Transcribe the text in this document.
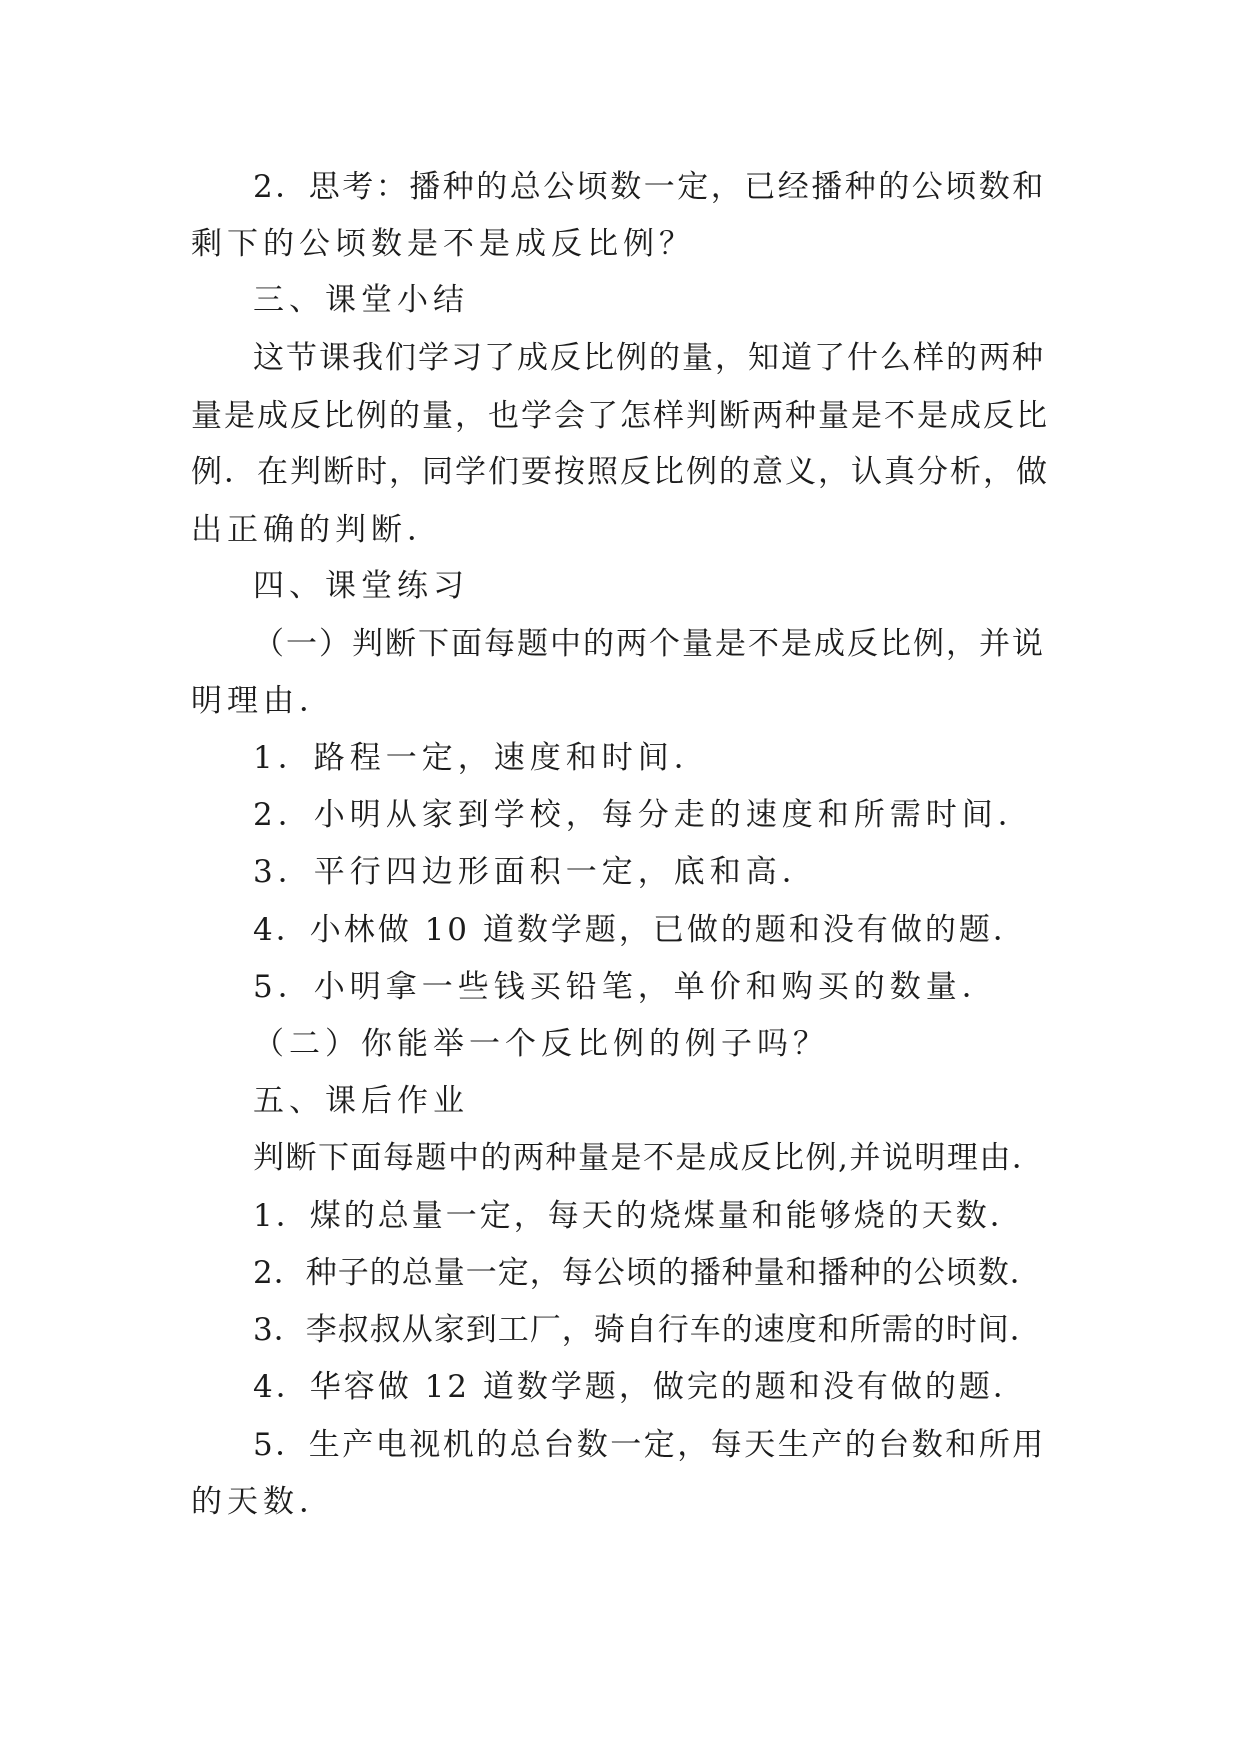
2．思考：播种的总公顷数一定，已经播种的公顷数和
剩下的公顷数是不是成反比例？
三、课堂小结
这节课我们学习了成反比例的量，知道了什么样的两种
量是成反比例的量，也学会了怎样判断两种量是不是成反比
例．在判断时，同学们要按照反比例的意义，认真分析，做
出正确的判断．
四、课堂练习
（一）判断下面每题中的两个量是不是成反比例，并说
明理由．
1．路程一定，速度和时间．
2．小明从家到学校，每分走的速度和所需时间．
3．平行四边形面积一定，底和高．
4．小林做 10 道数学题，已做的题和没有做的题．
5．小明拿一些钱买铅笔，单价和购买的数量．
（二）你能举一个反比例的例子吗？
五、课后作业
判断下面每题中的两种量是不是成反比例,并说明理由．
1．煤的总量一定，每天的烧煤量和能够烧的天数．
2．种子的总量一定，每公顷的播种量和播种的公顷数．
3．李叔叔从家到工厂，骑自行车的速度和所需的时间．
4．华容做 12 道数学题，做完的题和没有做的题．
5．生产电视机的总台数一定，每天生产的台数和所用
的天数．
